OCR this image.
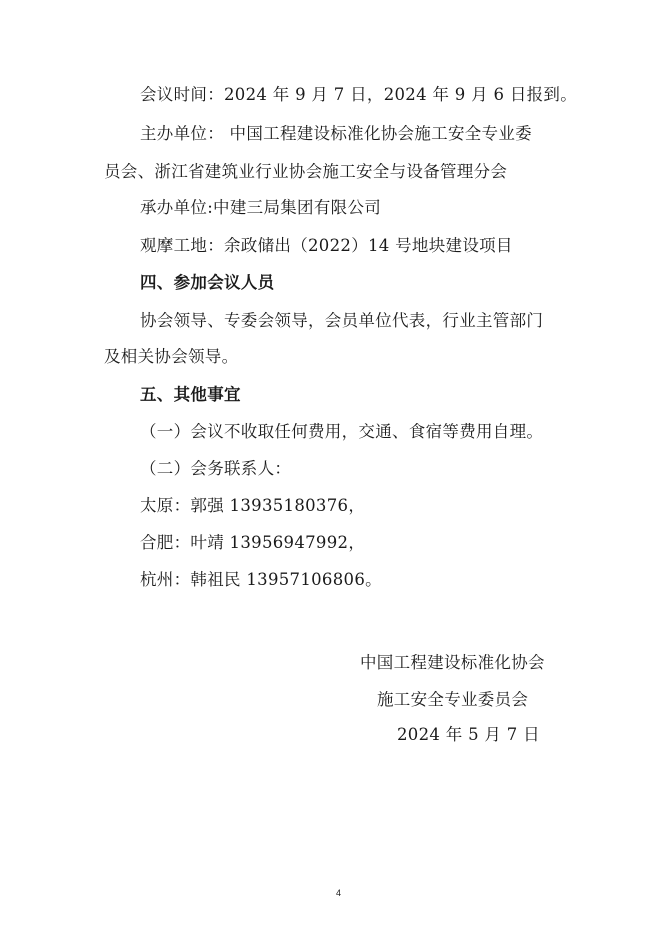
会议时间：2024 年 9 月 7 日，2024 年 9 月 6 日报到。
主办单位： 中国工程建设标准化协会施工安全专业委
员会、浙江省建筑业行业协会施工安全与设备管理分会
承办单位:中建三局集团有限公司
观摩工地：余政储出（2022）14 号地块建设项目
四、参加会议人员
协会领导、专委会领导，会员单位代表，行业主管部门
及相关协会领导。
五、其他事宜
（一）会议不收取任何费用，交通、食宿等费用自理。
（二）会务联系人：
太原：郭强 13935180376，
合肥：叶靖 13956947992，
杭州：韩祖民 13957106806。
中国工程建设标准化协会
施工安全专业委员会
2024 年 5 月 7 日
4
